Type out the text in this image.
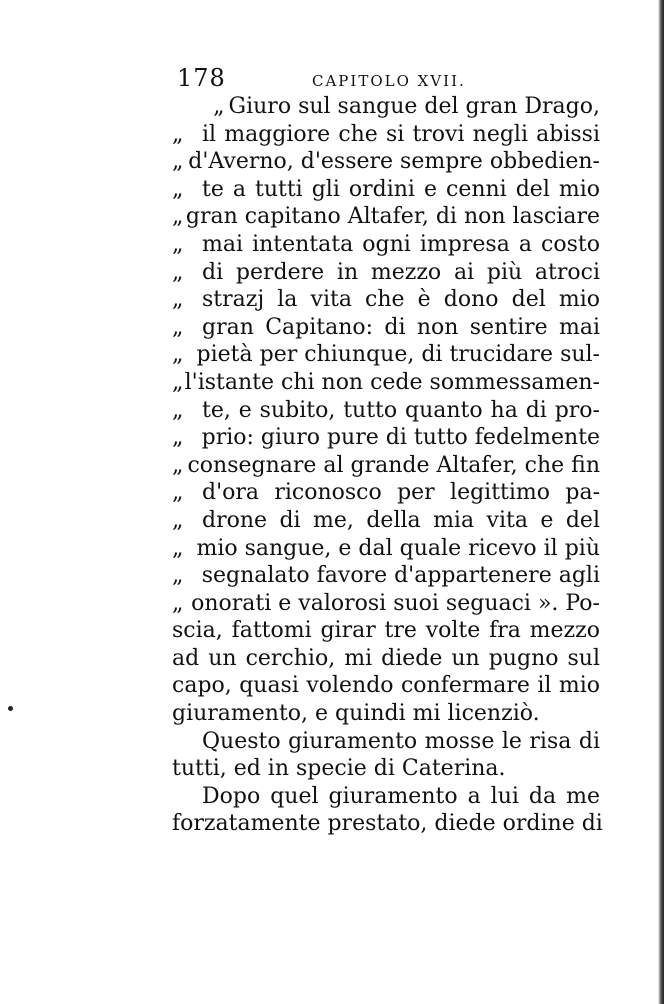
178	CAPITOLO XVII.
„ Giuro sul sangue del gran Drago,
„ il maggiore che si trovi negli abissi
„ d'Averno, d'essere sempre obbedien-
„ te a tutti gli ordini e cenni del mio
„ gran capitano Altafer, di non lasciare
„ mai intentata ogni impresa a costo
„ di perdere in mezzo ai più atroci
„ strazj la vita che è dono del mio
„ gran Capitano: di non sentire mai
„ pietà per chiunque, di trucidare sul-
„ l'istante chi non cede sommessamen-
„ te, e subito, tutto quanto ha di pro-
„ prio: giuro pure di tutto fedelmente
„ consegnare al grande Altafer, che fin
„ d'ora riconosco per legittimo pa-
„ drone di me, della mia vita e del
„ mio sangue, e dal quale ricevo il più
„ segnalato favore d'appartenere agli
„ onorati e valorosi suoi seguaci ». Po-
scia, fattomi girar tre volte fra mezzo
ad un cerchio, mi diede un pugno sul
capo, quasi volendo confermare il mio
giuramento, e quindi mi licenziò.
Questo giuramento mosse le risa di
tutti, ed in specie di Caterina.
Dopo quel giuramento a lui da me
forzatamente prestato, diede ordine di
